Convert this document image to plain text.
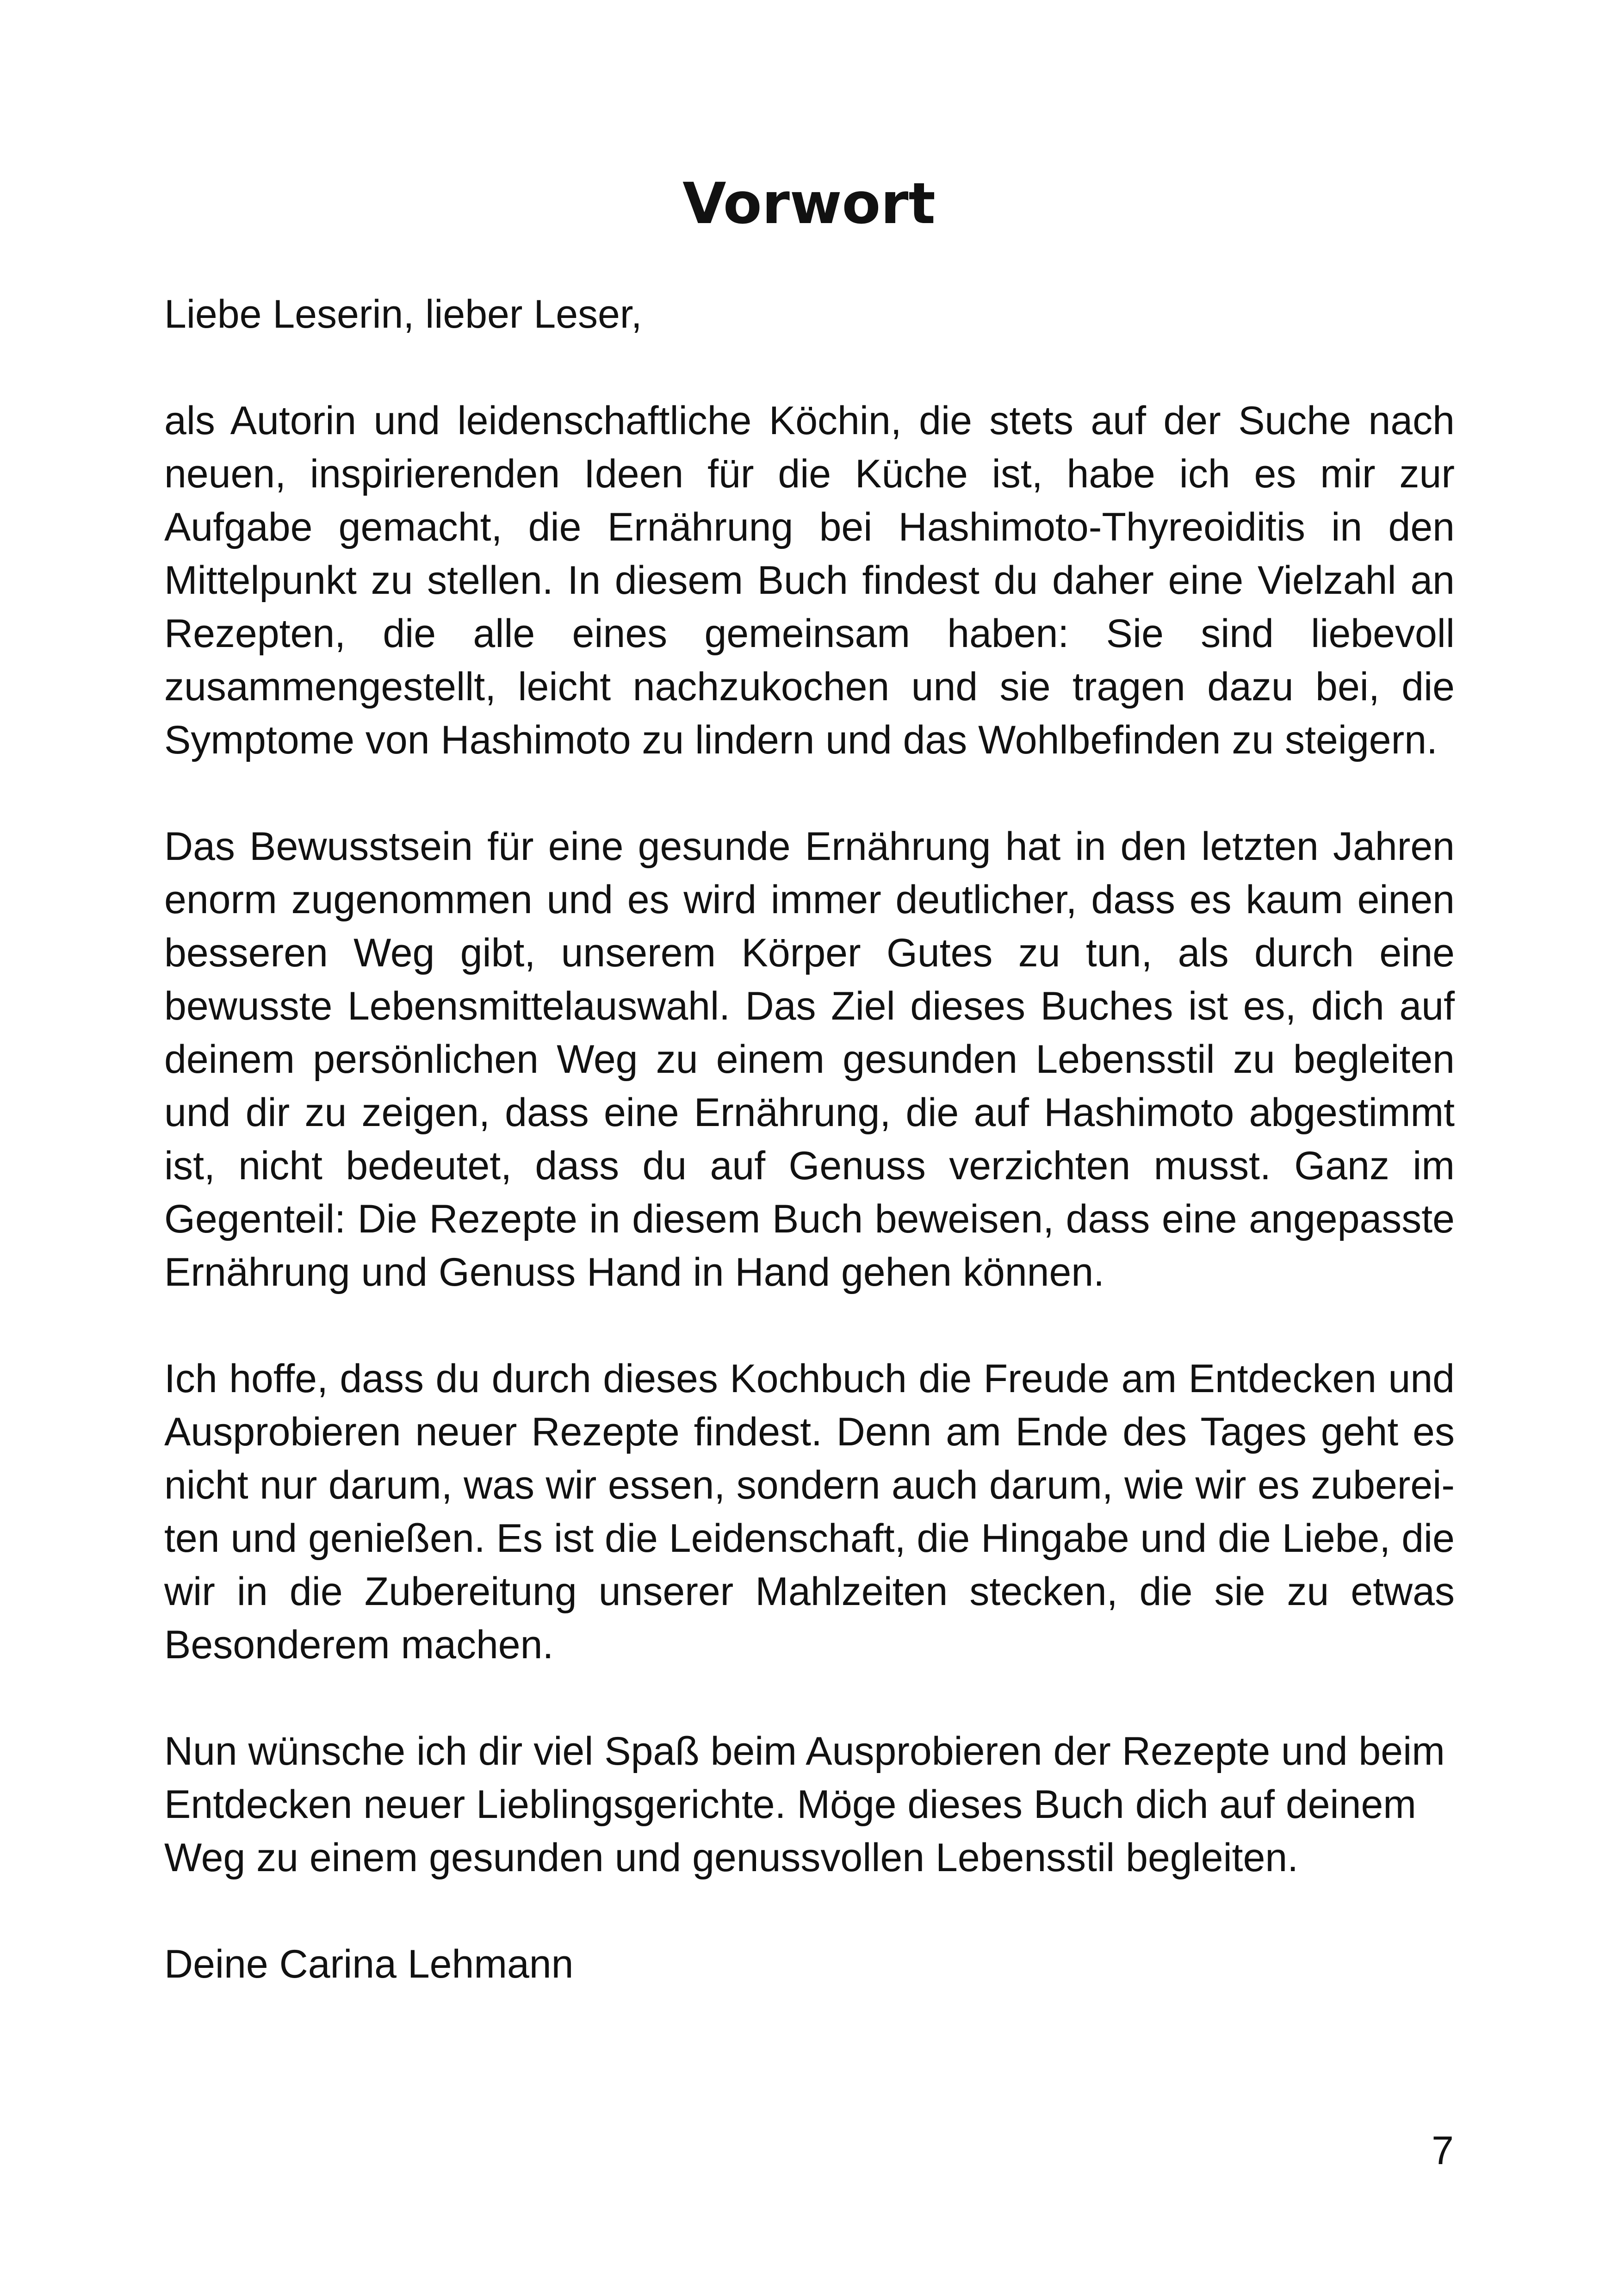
Vorwort

Liebe Leserin, lieber Leser,

als Autorin und leidenschaftliche Köchin, die stets auf der Suche nach neuen, inspirierenden Ideen für die Küche ist, habe ich es mir zur Aufgabe gemacht, die Ernährung bei Hashimoto-Thyreoiditis in den Mittelpunkt zu stellen. In diesem Buch findest du daher eine Vielzahl an Rezepten, die alle eines gemeinsam haben: Sie sind liebevoll zusammengestellt, leicht nachzukochen und sie tragen dazu bei, die Symptome von Hashimoto zu lindern und das Wohlbefinden zu steigern.

Das Bewusstsein für eine gesunde Ernährung hat in den letzten Jahren enorm zugenommen und es wird immer deutlicher, dass es kaum einen besseren Weg gibt, unserem Körper Gutes zu tun, als durch eine bewusste Lebensmittelauswahl. Das Ziel dieses Buches ist es, dich auf deinem persönlichen Weg zu einem gesunden Lebensstil zu begleiten und dir zu zeigen, dass eine Ernährung, die auf Hashimoto abgestimmt ist, nicht bedeutet, dass du auf Genuss verzichten musst. Ganz im Gegenteil: Die Rezepte in diesem Buch beweisen, dass eine angepasste Ernährung und Genuss Hand in Hand gehen können.

Ich hoffe, dass du durch dieses Kochbuch die Freude am Entdecken und Ausprobieren neuer Rezepte findest. Denn am Ende des Tages geht es nicht nur darum, was wir essen, sondern auch darum, wie wir es zubereiten und genießen. Es ist die Leidenschaft, die Hingabe und die Liebe, die wir in die Zubereitung unserer Mahlzeiten stecken, die sie zu etwas Besonderem machen.

Nun wünsche ich dir viel Spaß beim Ausprobieren der Rezepte und beim Entdecken neuer Lieblingsgerichte. Möge dieses Buch dich auf deinem Weg zu einem gesunden und genussvollen Lebensstil begleiten.

Deine Carina Lehmann

7
